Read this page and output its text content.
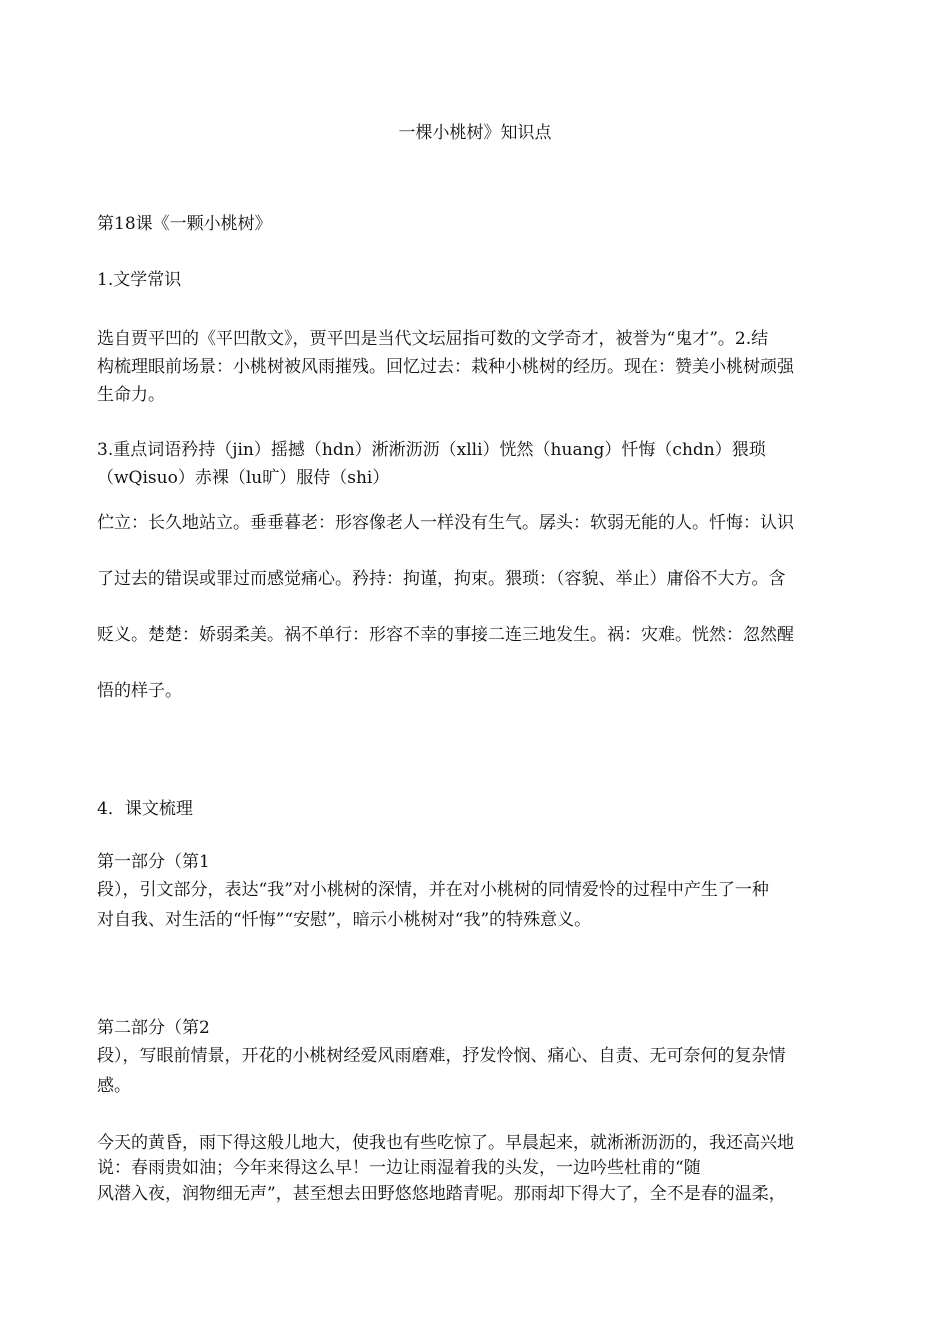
一棵小桃树》知识点
第18课《一颗小桃树》
1.文学常识
选自贾平凹的《平凹散文》，贾平凹是当代文坛屈指可数的文学奇才，被誉为“鬼才”。2.结
构梳理眼前场景：小桃树被风雨摧残。回忆过去：栽种小桃树的经历。现在：赞美小桃树顽强
生命力。
3.重点词语矜持（jin）摇撼（hdn）淅淅沥沥（xlli）恍然（huang）忏悔（chdn）猥琐
（wQisuo）赤裸（lu旷）服侍（shi）
伫立：长久地站立。垂垂暮老：形容像老人一样没有生气。孱头：软弱无能的人。忏悔：认识
了过去的错误或罪过而感觉痛心。矜持：拘谨，拘束。猥琐：（容貌、举止）庸俗不大方。含
贬义。楚楚：娇弱柔美。祸不单行：形容不幸的事接二连三地发生。祸：灾难。恍然：忽然醒
悟的样子。
4．课文梳理
第一部分（第1
段），引文部分，表达“我”对小桃树的深情，并在对小桃树的同情爱怜的过程中产生了一种
对自我、对生活的“忏悔”“安慰”，暗示小桃树对“我”的特殊意义。
第二部分（第2
段），写眼前情景，开花的小桃树经爱风雨磨难，抒发怜悯、痛心、自责、无可奈何的复杂情
感。
今天的黄昏，雨下得这般儿地大，使我也有些吃惊了。早晨起来，就淅淅沥沥的，我还高兴地
说：春雨贵如油；今年来得这么早！一边让雨湿着我的头发，一边吟些杜甫的“随
风潜入夜，润物细无声”，甚至想去田野悠悠地踏青呢。那雨却下得大了，全不是春的温柔，
